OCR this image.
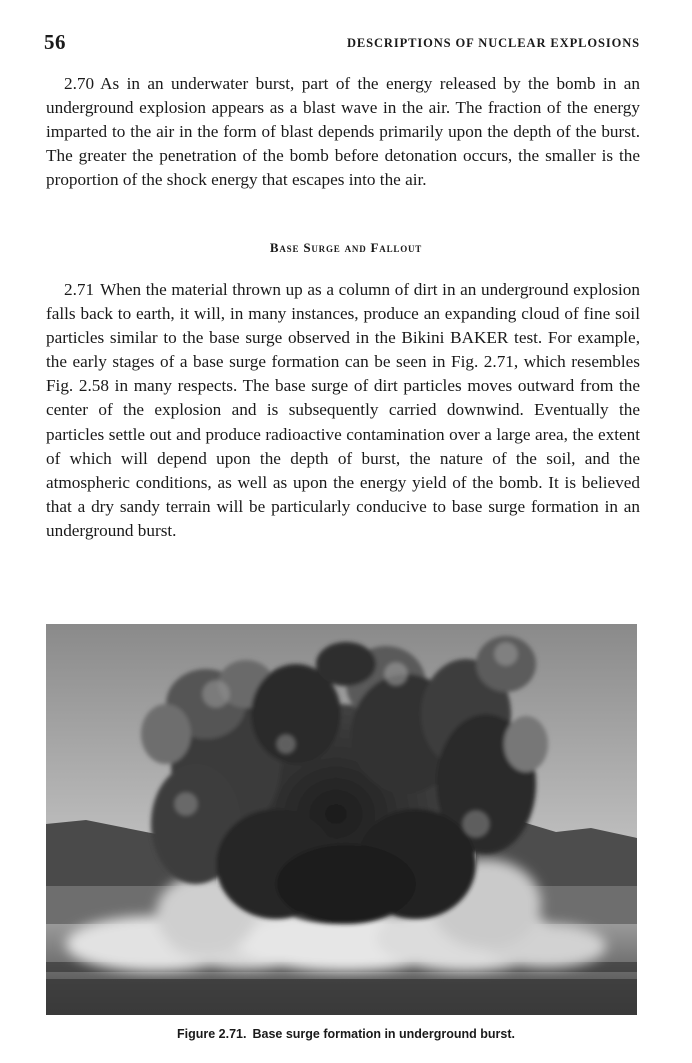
56	DESCRIPTIONS OF NUCLEAR EXPLOSIONS

2.70 As in an underwater burst, part of the energy released by the bomb in an underground explosion appears as a blast wave in the air. The fraction of the energy imparted to the air in the form of blast depends primarily upon the depth of the burst. The greater the penetration of the bomb before detonation occurs, the smaller is the proportion of the shock energy that escapes into the air.

Base Surge and Fallout

2.71 When the material thrown up as a column of dirt in an underground explosion falls back to earth, it will, in many instances, produce an expanding cloud of fine soil particles similar to the base surge observed in the Bikini BAKER test. For example, the early stages of a base surge formation can be seen in Fig. 2.71, which resembles Fig. 2.58 in many respects. The base surge of dirt particles moves outward from the center of the explosion and is subsequently carried downwind. Eventually the particles settle out and produce radioactive contamination over a large area, the extent of which will depend upon the depth of burst, the nature of the soil, and the atmospheric conditions, as well as upon the energy yield of the bomb. It is believed that a dry sandy terrain will be particularly conducive to base surge formation in an underground burst.

Figure 2.71. Base surge formation in underground burst.
